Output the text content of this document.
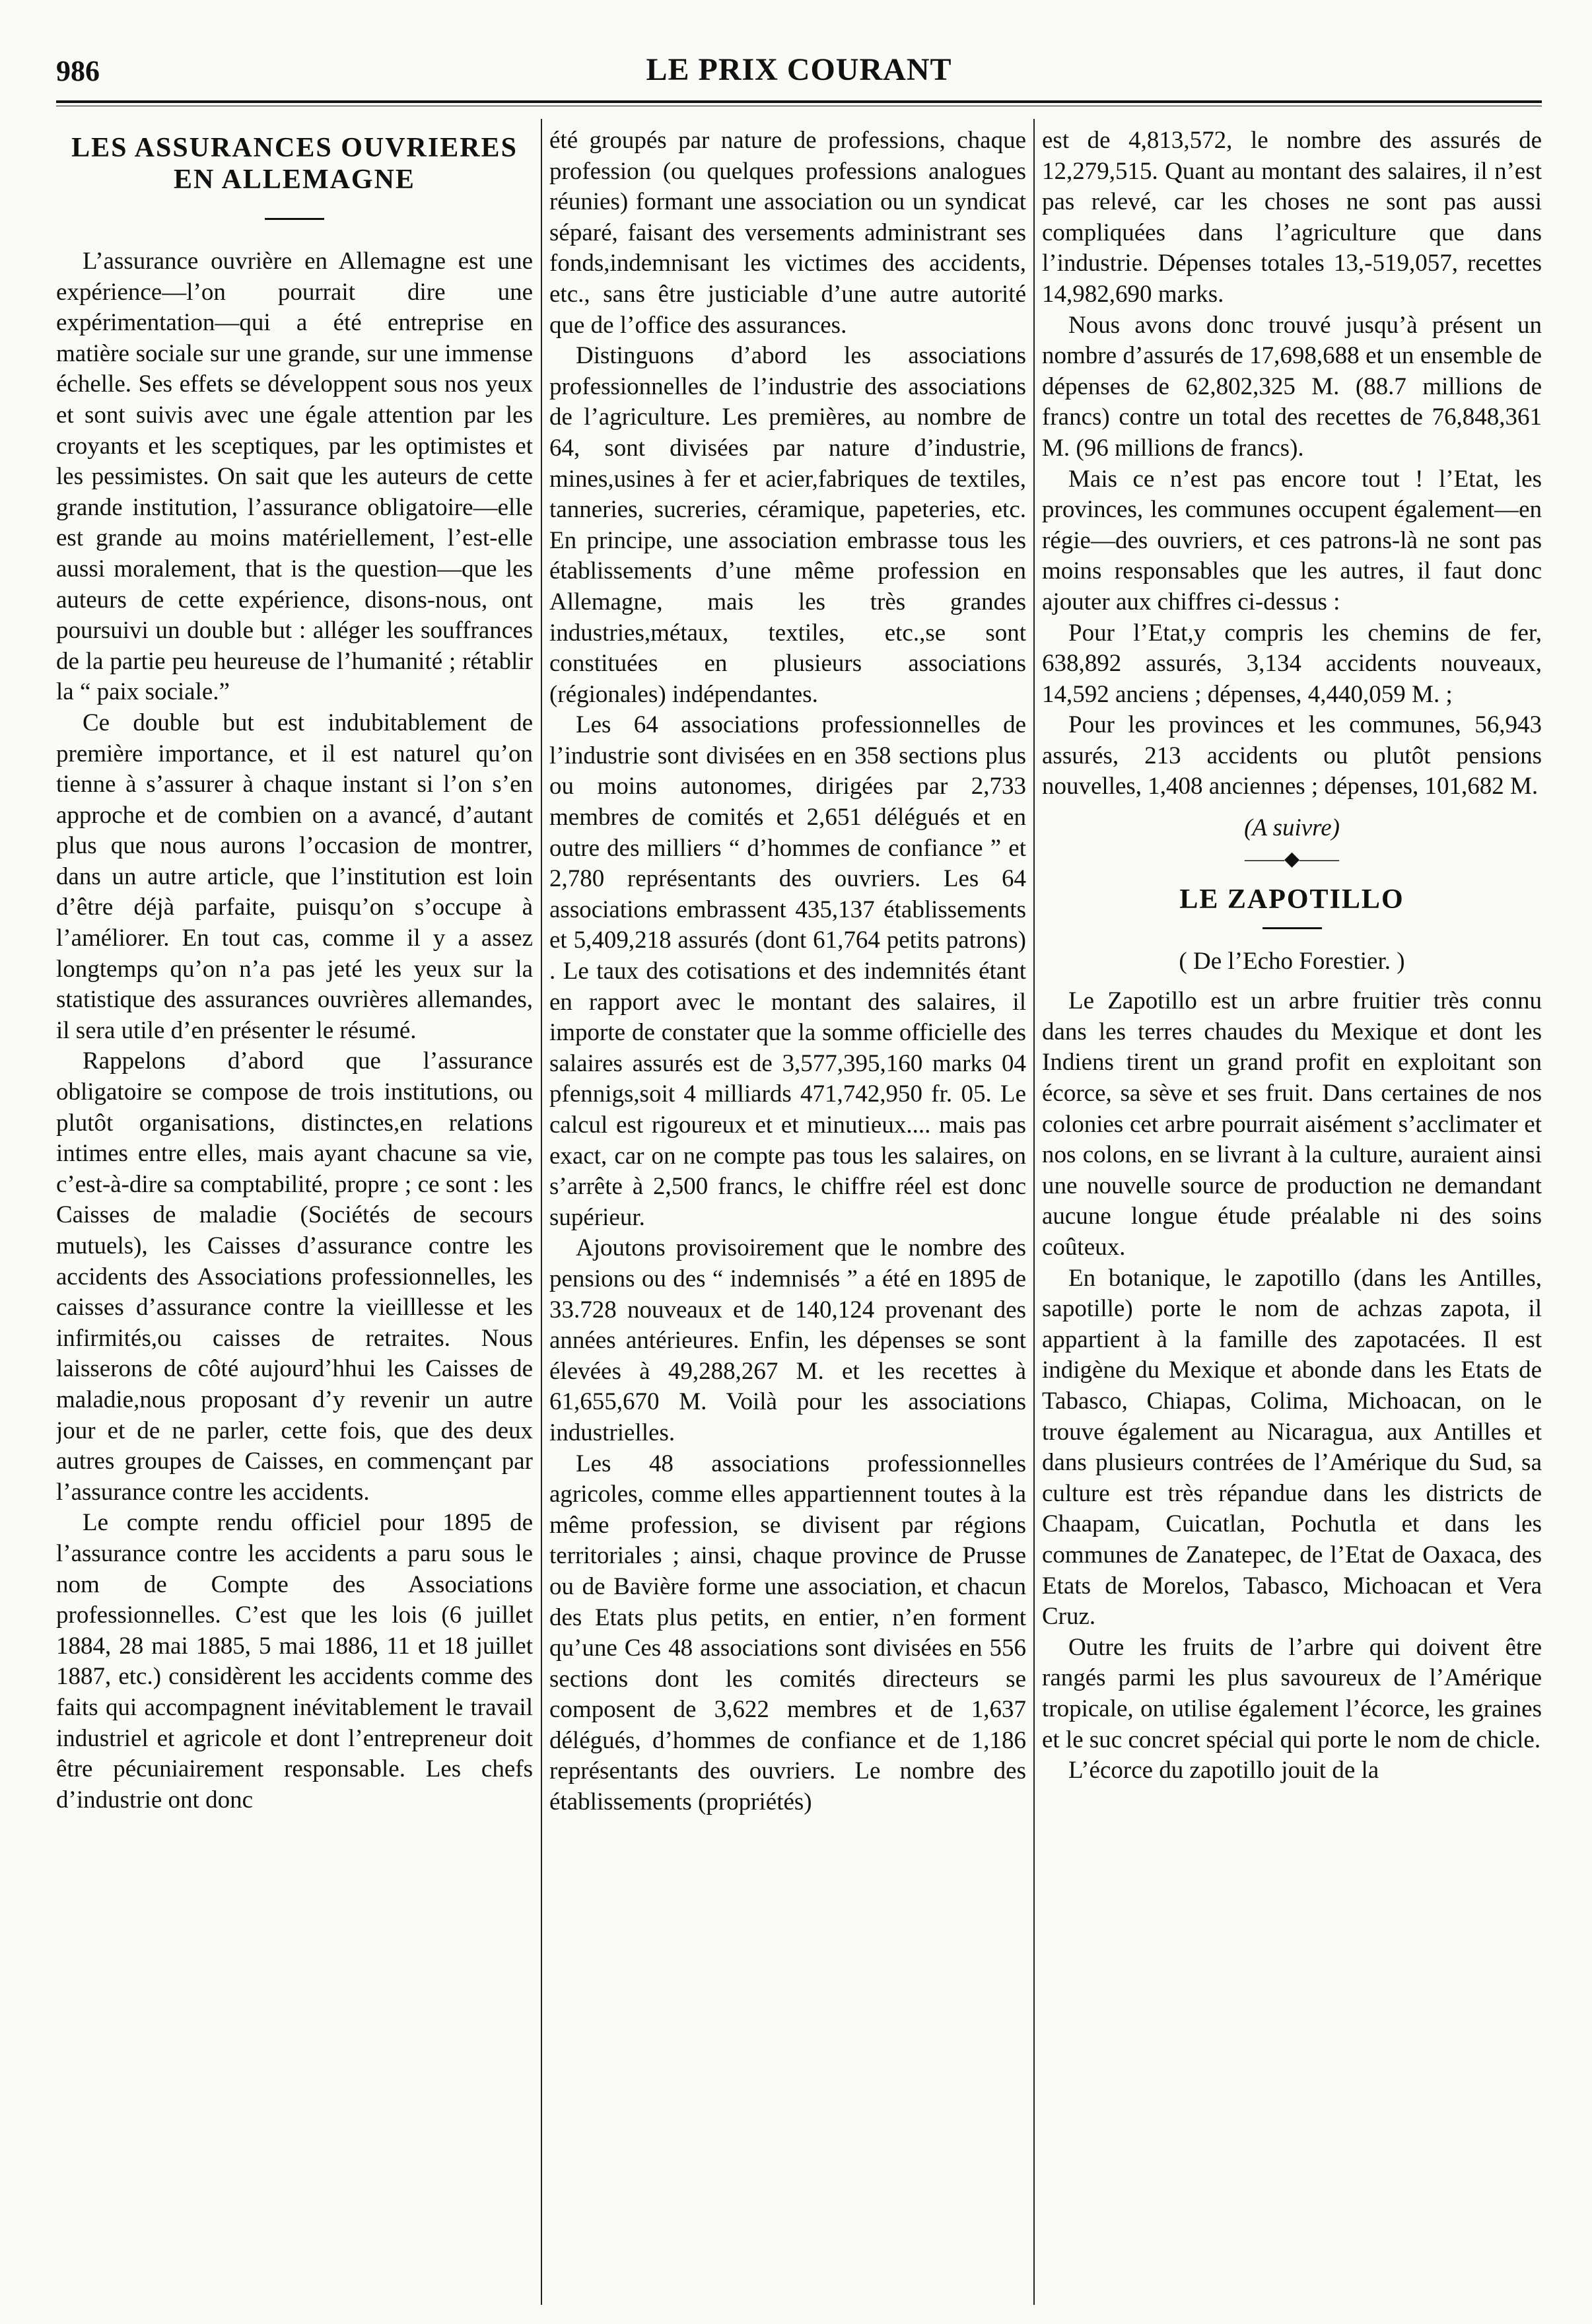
986	LE PRIX COURANT
LES ASSURANCES OUVRIERES
EN ALLEMAGNE

L’assurance ouvrière en Allemagne est une expérience—l’on pourrait dire une expérimentation—qui a été entreprise en matière sociale sur une grande, sur une immense échelle. Ses effets se développent sous nos yeux et sont suivis avec une égale attention par les croyants et les sceptiques, par les optimistes et les pessimistes. On sait que les auteurs de cette grande institution, l’assurance obligatoire—elle est grande au moins matériellement, l’est-elle aussi moralement, that is the question—que les auteurs de cette expérience, disons-nous, ont poursuivi un double but : alléger les souffrances de la partie peu heureuse de l’humanité ; rétablir la “ paix sociale.”

Ce double but est indubitablement de première importance, et il est naturel qu’on tienne à s’assurer à chaque instant si l’on s’en approche et de combien on a avancé, d’autant plus que nous aurons l’occasion de montrer, dans un autre article, que l’institution est loin d’être déjà parfaite, puisqu’on s’occupe à l’améliorer. En tout cas, comme il y a assez longtemps qu’on n’a pas jeté les yeux sur la statistique des assurances ouvrières allemandes, il sera utile d’en présenter le résumé.

Rappelons d’abord que l’assurance obligatoire se compose de trois institutions, ou plutôt organisations, distinctes,en relations intimes entre elles, mais ayant chacune sa vie, c’est-à-dire sa comptabilité, propre ; ce sont : les Caisses de maladie (Sociétés de secours mutuels), les Caisses d’assurance contre les accidents des Associations professionnelles, les caisses d’assurance contre la vieilllesse et les infirmités,ou caisses de retraites. Nous laisserons de côté aujourd’hhui les Caisses de maladie,nous proposant d’y revenir un autre jour et de ne parler, cette fois, que des deux autres groupes de Caisses, en commençant par l’assurance contre les accidents.

Le compte rendu officiel pour 1895 de l’assurance contre les accidents a paru sous le nom de Compte des Associations professionnelles. C’est que les lois (6 juillet 1884, 28 mai 1885, 5 mai 1886, 11 et 18 juillet 1887, etc.) considèrent les accidents comme des faits qui accompagnent inévitablement le travail industriel et agricole et dont l’entrepreneur doit être pécuniairement responsable. Les chefs d’industrie ont donc

été groupés par nature de professions, chaque profession (ou quelques professions analogues réunies) formant une association ou un syndicat séparé, faisant des versements administrant ses fonds,indemnisant les victimes des accidents, etc., sans être justiciable d’une autre autorité que de l’office des assurances.

Distinguons d’abord les associations professionnelles de l’industrie des associations de l’agriculture. Les premières, au nombre de 64, sont divisées par nature d’industrie, mines,usines à fer et acier,fabriques de textiles, tanneries, sucreries, céramique, papeteries, etc. En principe, une association embrasse tous les établissements d’une même profession en Allemagne, mais les très grandes industries,métaux, textiles, etc.,se sont constituées en plusieurs associations (régionales) indépendantes.

Les 64 associations professionnelles de l’industrie sont divisées en en 358 sections plus ou moins autonomes, dirigées par 2,733 membres de comités et 2,651 délégués et en outre des milliers “ d’hommes de confiance ” et 2,780 représentants des ouvriers. Les 64 associations embrassent 435,137 établissements et 5,409,218 assurés (dont 61,764 petits patrons) . Le taux des cotisations et des indemnités étant en rapport avec le montant des salaires, il importe de constater que la somme officielle des salaires assurés est de 3,577,395,160 marks 04 pfennigs,soit 4 milliards 471,742,950 fr. 05. Le calcul est rigoureux et et minutieux.... mais pas exact, car on ne compte pas tous les salaires, on s’arrête à 2,500 francs, le chiffre réel est donc supérieur.

Ajoutons provisoirement que le nombre des pensions ou des “ indemnisés ” a été en 1895 de 33.728 nouveaux et de 140,124 provenant des années antérieures. Enfin, les dépenses se sont élevées à 49,288,267 M. et les recettes à 61,655,670 M. Voilà pour les associations industrielles.

Les 48 associations professionnelles agricoles, comme elles appartiennent toutes à la même profession, se divisent par régions territoriales ; ainsi, chaque province de Prusse ou de Bavière forme une association, et chacun des Etats plus petits, en entier, n’en forment qu’une Ces 48 associations sont divisées en 556 sections dont les comités directeurs se composent de 3,622 membres et de 1,637 délégués, d’hommes de confiance et de 1,186 représentants des ouvriers. Le nombre des établissements (propriétés)

est de 4,813,572, le nombre des assurés de 12,279,515. Quant au montant des salaires, il n’est pas relevé, car les choses ne sont pas aussi compliquées dans l’agriculture que dans l’industrie. Dépenses totales 13,-519,057, recettes 14,982,690 marks.

Nous avons donc trouvé jusqu’à présent un nombre d’assurés de 17,698,688 et un ensemble de dépenses de 62,802,325 M. (88.7 millions de francs) contre un total des recettes de 76,848,361 M. (96 millions de francs).

Mais ce n’est pas encore tout ! l’Etat, les provinces, les communes occupent également—en régie—des ouvriers, et ces patrons-là ne sont pas moins responsables que les autres, il faut donc ajouter aux chiffres ci-dessus :

Pour l’Etat,y compris les chemins de fer, 638,892 assurés, 3,134 accidents nouveaux, 14,592 anciens ; dépenses, 4,440,059 M. ;

Pour les provinces et les communes, 56,943 assurés, 213 accidents ou plutôt pensions nouvelles, 1,408 anciennes ; dépenses, 101,682 M.

(A suivre)

——◆——
LE ZAPOTILLO

( De l’Echo Forestier. )

Le Zapotillo est un arbre fruitier très connu dans les terres chaudes du Mexique et dont les Indiens tirent un grand profit en exploitant son écorce, sa sève et ses fruit. Dans certaines de nos colonies cet arbre pourrait aisément s’acclimater et nos colons, en se livrant à la culture, auraient ainsi une nouvelle source de production ne demandant aucune longue étude préalable ni des soins coûteux.

En botanique, le zapotillo (dans les Antilles, sapotille) porte le nom de achzas zapota, il appartient à la famille des zapotacées. Il est indigène du Mexique et abonde dans les Etats de Tabasco, Chiapas, Colima, Michoacan, on le trouve également au Nicaragua, aux Antilles et dans plusieurs contrées de l’Amérique du Sud, sa culture est très répandue dans les districts de Chaapam, Cuicatlan, Pochutla et dans les communes de Zanatepec, de l’Etat de Oaxaca, des Etats de Morelos, Tabasco, Michoacan et Vera Cruz.

Outre les fruits de l’arbre qui doivent être rangés parmi les plus savoureux de l’Amérique tropicale, on utilise également l’écorce, les graines et le suc concret spécial qui porte le nom de chicle.

L’écorce du zapotillo jouit de la
